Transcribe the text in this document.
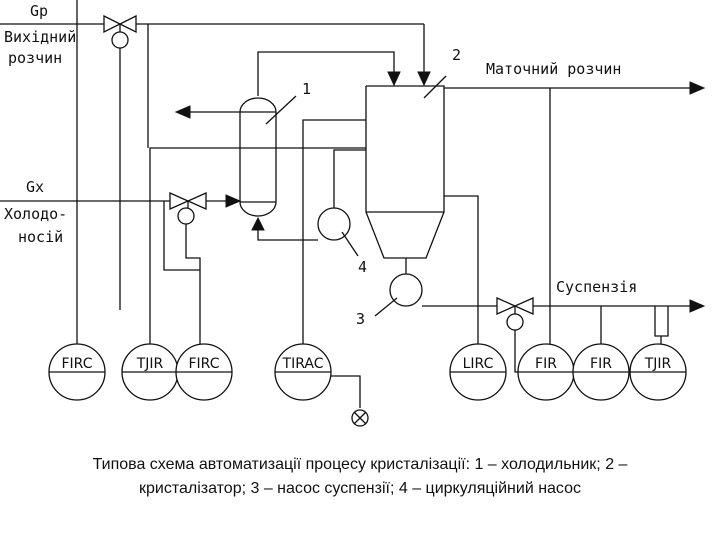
Gp
Вихідний
розчин
Gx
Холодо-
носій
Маточний розчин
Суспензія
1
4
2
3
FIRC	TJIR FIRC	TIRAC	LIRC	FIR FIR TJIR
Типова схема автоматизації процесу кристалізації: 1 – холодильник; 2 –
кристалізатор; 3 – насос суспензії; 4 – циркуляційний насос
